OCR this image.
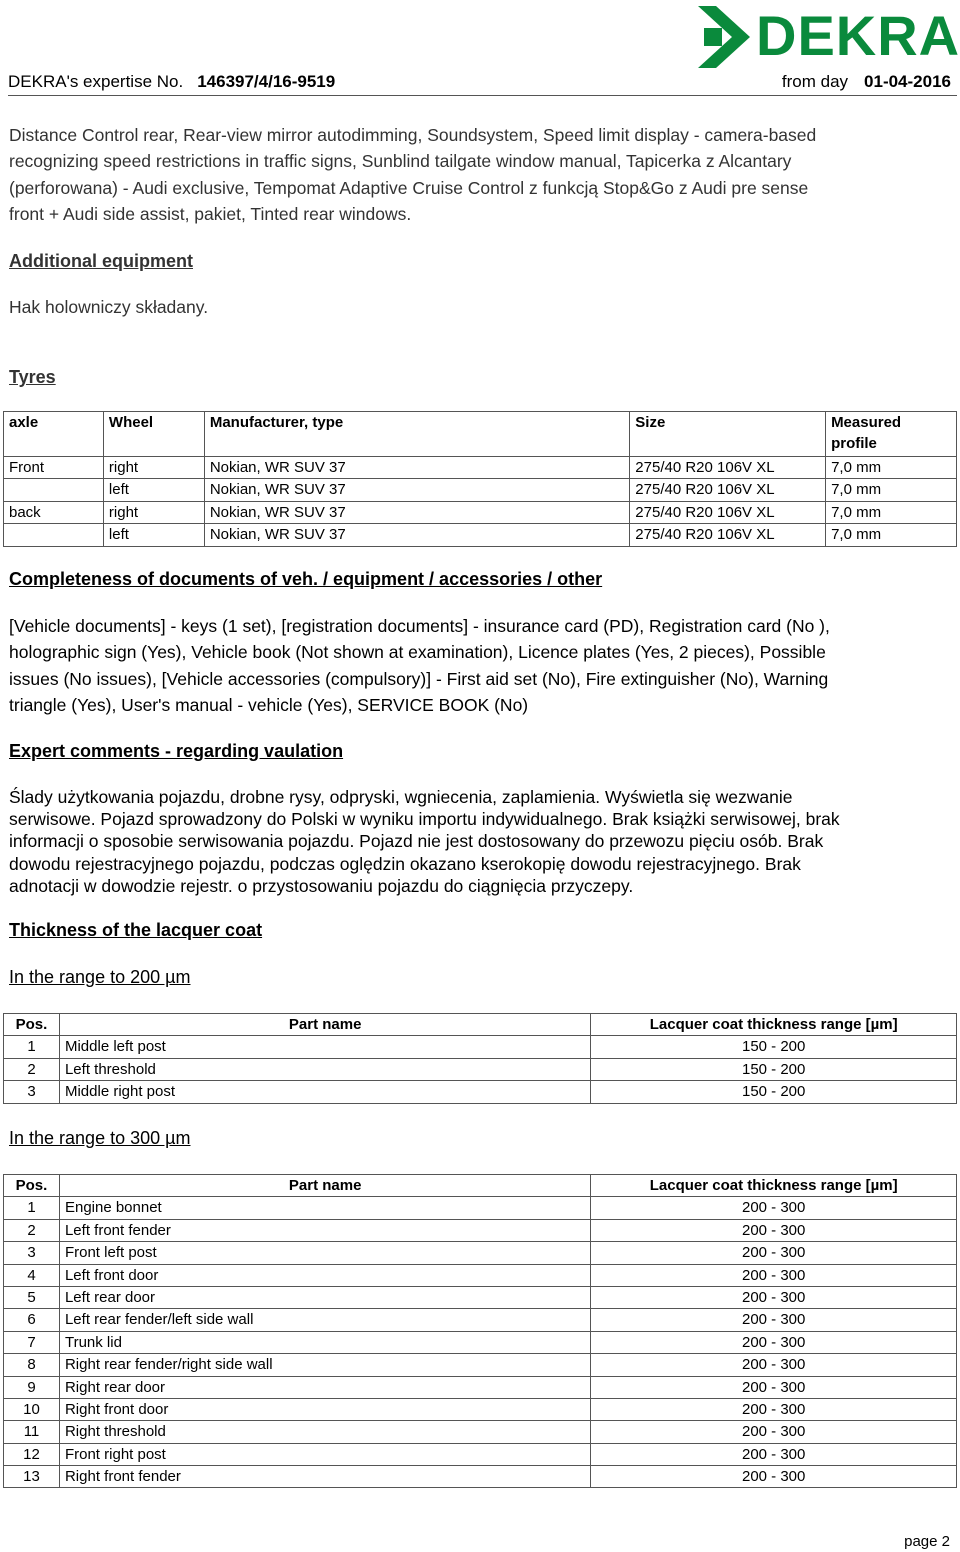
DEKRA's expertise No. 146397/4/16-9519	from day 01-04-2016
DEKRA
Distance Control rear, Rear-view mirror autodimming, Soundsystem, Speed limit display - camera-based
recognizing speed restrictions in traffic signs, Sunblind tailgate window manual, Tapicerka z Alcantary
(perforowana) - Audi exclusive, Tempomat Adaptive Cruise Control z funkcją Stop&Go z Audi pre sense
front + Audi side assist, pakiet, Tinted rear windows.
Additional equipment
Hak holowniczy składany.
Tyres
axle	Wheel	Manufacturer, type	Size	Measured
profile

Front	right	Nokian, WR SUV 37	275/40 R20 106V XL	7,0 mm
	left	Nokian, WR SUV 37	275/40 R20 106V XL	7,0 mm
back	right	Nokian, WR SUV 37	275/40 R20 106V XL	7,0 mm
	left	Nokian, WR SUV 37	275/40 R20 106V XL	7,0 mm
Completeness of documents of veh. / equipment / accessories / other
[Vehicle documents] - keys (1 set), [registration documents] - insurance card (PD), Registration card (No ),
holographic sign (Yes), Vehicle book (Not shown at examination), Licence plates (Yes, 2 pieces), Possible
issues (No issues), [Vehicle accessories (compulsory)] - First aid set (No), Fire extinguisher (No), Warning
triangle (Yes), User's manual - vehicle (Yes), SERVICE BOOK (No)
Expert comments - regarding vaulation
Ślady użytkowania pojazdu, drobne rysy, odpryski, wgniecenia, zaplamienia. Wyświetla się wezwanie
serwisowe. Pojazd sprowadzony do Polski w wyniku importu indywidualnego. Brak książki serwisowej, brak
informacji o sposobie serwisowania pojazdu. Pojazd nie jest dostosowany do przewozu pięciu osób. Brak
dowodu rejestracyjnego pojazdu, podczas oględzin okazano kserokopię dowodu rejestracyjnego. Brak
adnotacji w dowodzie rejestr. o przystosowaniu pojazdu do ciągnięcia przyczepy.
Thickness of the lacquer coat
In the range to 200 µm
Pos.	Part name	Lacquer coat thickness range [µm]
1	Middle left post	150 - 200
2	Left threshold	150 - 200
3	Middle right post	150 - 200
In the range to 300 µm
Pos.	Part name	Lacquer coat thickness range [µm]
1	Engine bonnet	200 - 300
2	Left front fender	200 - 300
3	Front left post	200 - 300
4	Left front door	200 - 300
5	Left rear door	200 - 300
6	Left rear fender/left side wall	200 - 300
7	Trunk lid	200 - 300
8	Right rear fender/right side wall	200 - 300
9	Right rear door	200 - 300
10	Right front door	200 - 300
11	Right threshold	200 - 300
12	Front right post	200 - 300
13	Right front fender	200 - 300
page 2
